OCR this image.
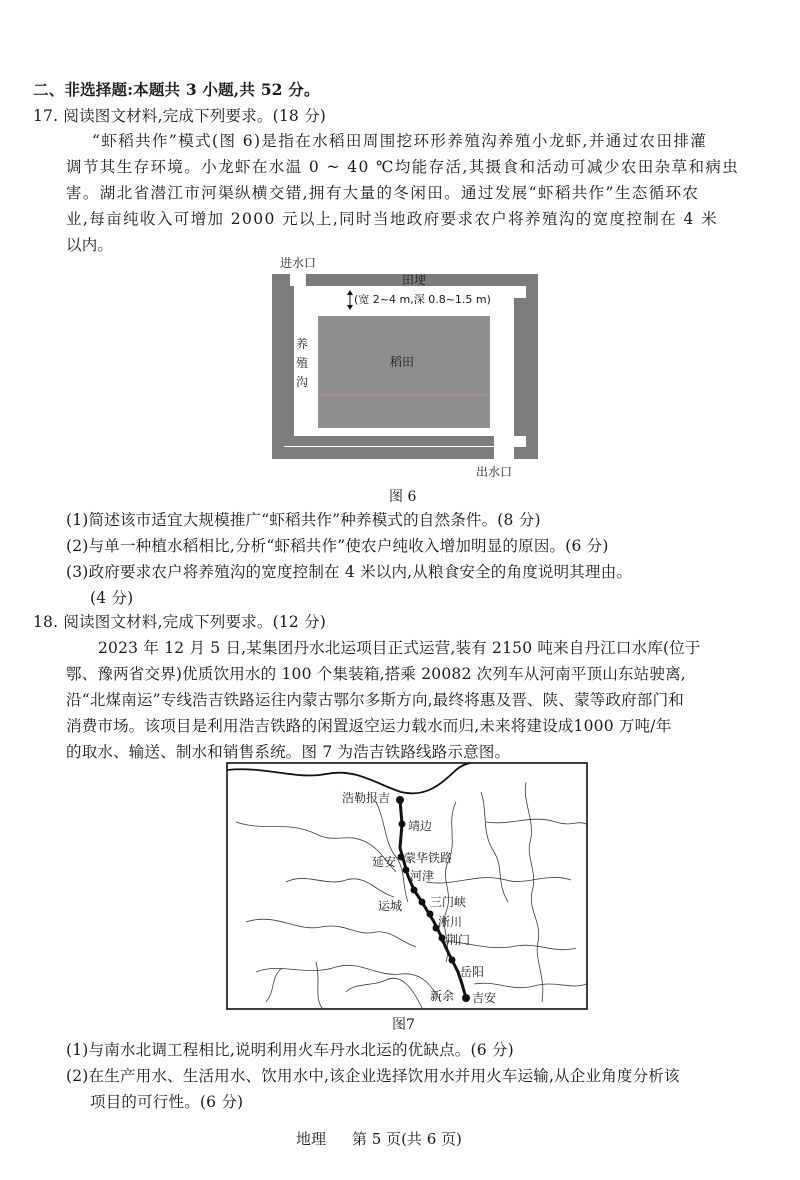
二、非选择题:本题共 3 小题,共 52 分。
17. 阅读图文材料,完成下列要求。(18 分)
“虾稻共作”模式(图 6)是指在水稻田周围挖环形养殖沟养殖小龙虾,并通过农田排灌
调节其生存环境。小龙虾在水温 0 ~ 40 ℃均能存活,其摄食和活动可减少农田杂草和病虫
害。湖北省潜江市河渠纵横交错,拥有大量的冬闲田。通过发展“虾稻共作”生态循环农
业,每亩纯收入可增加 2000 元以上,同时当地政府要求农户将养殖沟的宽度控制在 4 米
以内。
进水口
田埂
(宽 2~4 m,深 0.8~1.5 m)
养
殖
沟
稻田
出水口
图 6
(1)简述该市适宜大规模推广“虾稻共作”种养模式的自然条件。(8 分)
(2)与单一种植水稻相比,分析“虾稻共作”使农户纯收入增加明显的原因。(6 分)
(3)政府要求农户将养殖沟的宽度控制在 4 米以内,从粮食安全的角度说明其理由。
(4 分)
18. 阅读图文材料,完成下列要求。(12 分)
2023 年 12 月 5 日,某集团丹水北运项目正式运营,装有 2150 吨来自丹江口水库(位于
鄂、豫两省交界)优质饮用水的 100 个集装箱,搭乘 20082 次列车从河南平顶山东站驶离,
沿“北煤南运”专线浩吉铁路运往内蒙古鄂尔多斯方向,最终将惠及晋、陕、蒙等政府部门和
消费市场。该项目是利用浩吉铁路的闲置返空运力载水而归,未来将建设成1000 万吨/年
的取水、输送、制水和销售系统。图 7 为浩吉铁路线路示意图。
浩勒报吉
靖边
延安 蒙华铁路
河津
运城 三门峡
淅川
荆门
岳阳
新余 吉安
图7
(1)与南水北调工程相比,说明利用火车丹水北运的优缺点。(6 分)
(2)在生产用水、生活用水、饮用水中,该企业选择饮用水并用火车运输,从企业角度分析该
项目的可行性。(6 分)
地理 第 5 页(共 6 页)
